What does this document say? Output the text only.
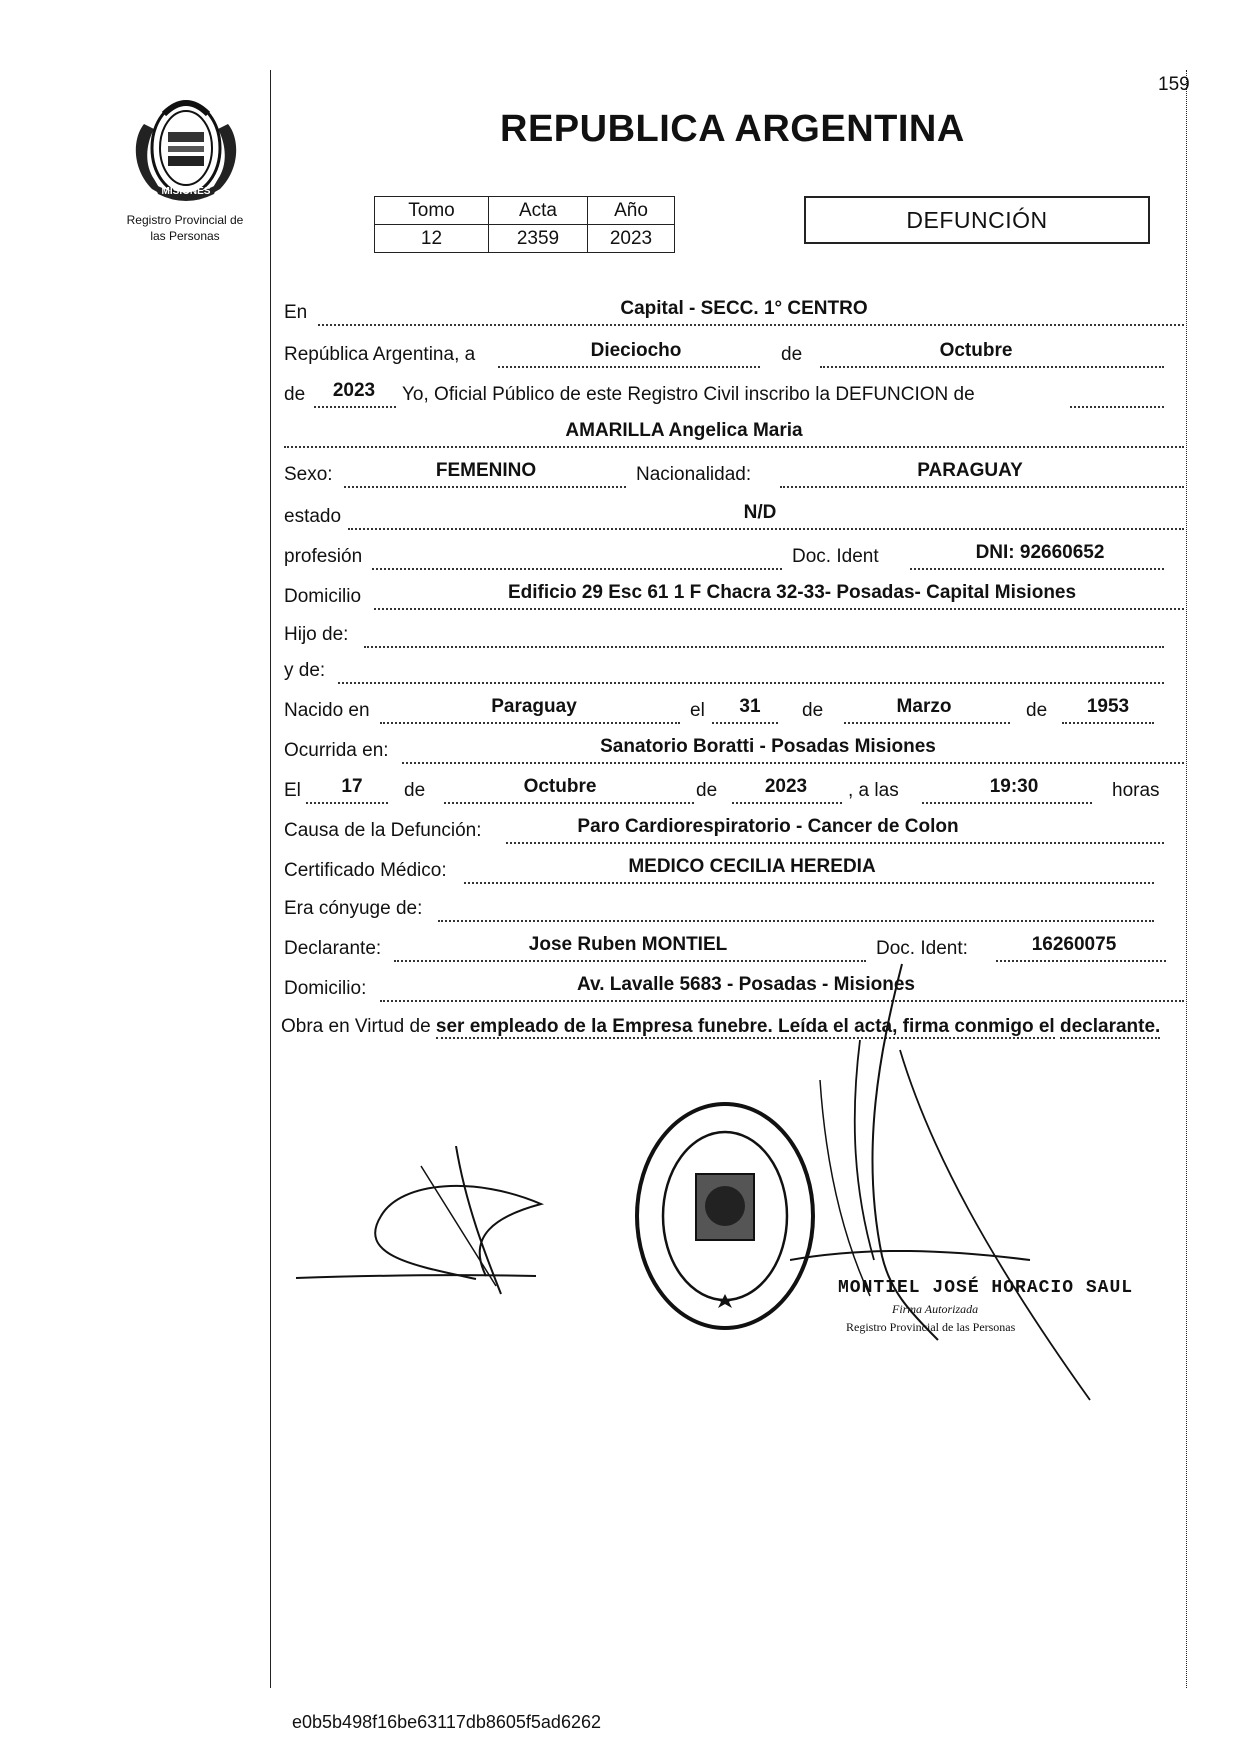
159
MISIONES
Registro Provincial de
las Personas
REPUBLICA ARGENTINA
Tomo	Acta	Año
12	2359	2023
DEFUNCIÓN
En	Capital - SECC. 1° CENTRO
República Argentina, a	Dieciocho	de	Octubre
de 2023 Yo, Oficial Público de este Registro Civil inscribo la DEFUNCION de
AMARILLA Angelica Maria
Sexo:	FEMENINO	Nacionalidad:	PARAGUAY
estado	N/D
profesión	Doc. Ident	DNI: 92660652
Domicilio	Edificio 29 Esc 61 1 F Chacra 32-33- Posadas- Capital Misiones
Hijo de:
y de:
Nacido en	Paraguay	el 31 de	Marzo	de 1953
Ocurrida en:	Sanatorio Boratti - Posadas Misiones
El 17 de	Octubre	de	2023 , a las	19:30	horas
Causa de la Defunción:	Paro Cardiorespiratorio - Cancer de Colon
Certificado Médico:	MEDICO CECILIA HEREDIA
Era cónyuge de:
Declarante:	Jose Ruben MONTIEL	Doc. Ident:	16260075
Domicilio:	Av. Lavalle 5683 - Posadas - Misiones
Obra en Virtud de ser empleado de la Empresa funebre. Leída el acta, firma conmigo el declarante.
MONTIEL JOSÉ HORACIO SAUL
Firma Autorizada
Registro Provincial de las Personas
e0b5b498f16be63117db8605f5ad6262
